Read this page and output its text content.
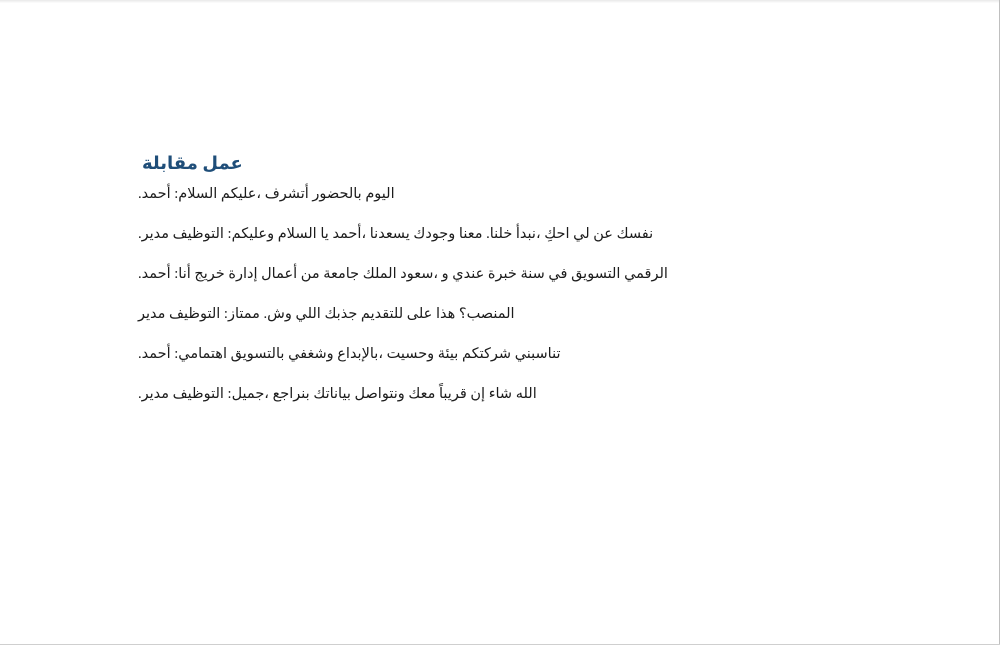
مقابلة عمل

.أحمد :السلام عليكم، أتشرف بالحضور اليوم

.مدير التوظيف :وعليكم السلام يا أحمد، يسعدنا وجودك معنا .خلنا نبدأ، احكِ لي عن نفسك

.أحمد :أنا خريج إدارة أعمال من جامعة الملك سعود، و عندي خبرة سنة في التسويق الرقمي

مدير التوظيف :ممتاز .وش اللي جذبك للتقديم على هذا المنصب؟

.أحمد :اهتمامي بالتسويق وشغفي بالإبداع، وحسيت بيئة شركتكم تناسبني

.مدير التوظيف :جميل، بنراجع بياناتك ونتواصل معك قريباً إن شاء الله
